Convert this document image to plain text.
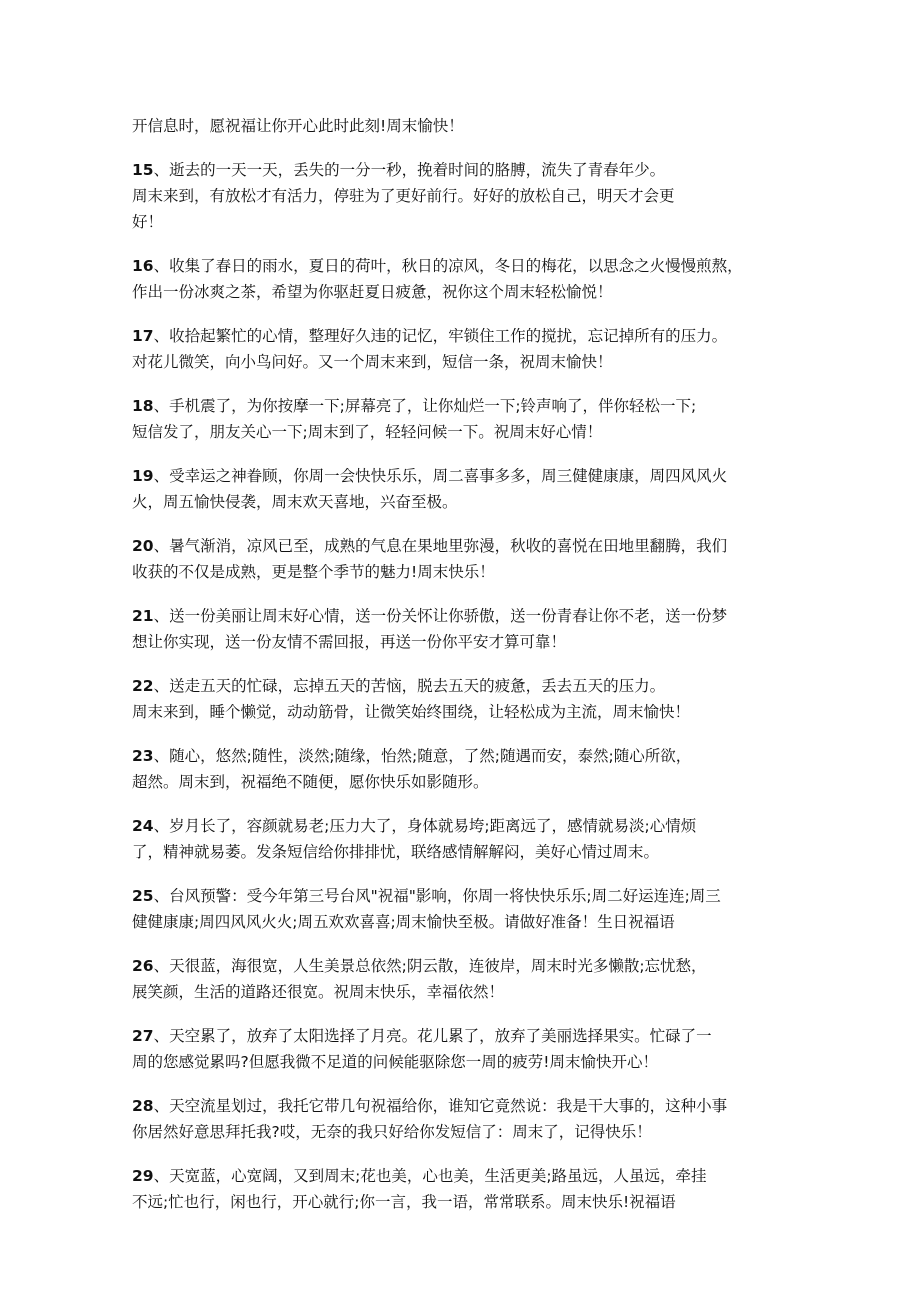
开信息时，愿祝福让你开心此时此刻!周末愉快！

15、逝去的一天一天，丢失的一分一秒，挽着时间的胳膊，流失了青春年少。
周末来到，有放松才有活力，停驻为了更好前行。好好的放松自己，明天才会更
好！

16、收集了春日的雨水，夏日的荷叶，秋日的凉风，冬日的梅花，以思念之火慢慢煎熬，
作出一份冰爽之茶，希望为你驱赶夏日疲惫，祝你这个周末轻松愉悦！

17、收拾起繁忙的心情，整理好久违的记忆，牢锁住工作的搅扰，忘记掉所有的压力。
对花儿微笑，向小鸟问好。又一个周末来到，短信一条，祝周末愉快！

18、手机震了，为你按摩一下;屏幕亮了，让你灿烂一下;铃声响了，伴你轻松一下;
短信发了，朋友关心一下;周末到了，轻轻问候一下。祝周末好心情！

19、受幸运之神眷顾，你周一会快快乐乐，周二喜事多多，周三健健康康，周四风风火
火，周五愉快侵袭，周末欢天喜地，兴奋至极。

20、暑气渐消，凉风已至，成熟的气息在果地里弥漫，秋收的喜悦在田地里翻腾，我们
收获的不仅是成熟，更是整个季节的魅力!周末快乐！

21、送一份美丽让周末好心情，送一份关怀让你骄傲，送一份青春让你不老，送一份梦
想让你实现，送一份友情不需回报，再送一份你平安才算可靠！

22、送走五天的忙碌，忘掉五天的苦恼，脱去五天的疲惫，丢去五天的压力。
周末来到，睡个懒觉，动动筋骨，让微笑始终围绕，让轻松成为主流，周末愉快！

23、随心，悠然;随性，淡然;随缘，怡然;随意，了然;随遇而安，泰然;随心所欲，
超然。周末到，祝福绝不随便，愿你快乐如影随形。

24、岁月长了，容颜就易老;压力大了，身体就易垮;距离远了，感情就易淡;心情烦
了，精神就易萎。发条短信给你排排忧，联络感情解解闷，美好心情过周末。

25、台风预警：受今年第三号台风"祝福"影响，你周一将快快乐乐;周二好运连连;周三
健健康康;周四风风火火;周五欢欢喜喜;周末愉快至极。请做好准备！生日祝福语

26、天很蓝，海很宽，人生美景总依然;阴云散，连彼岸，周末时光多懒散;忘忧愁，
展笑颜，生活的道路还很宽。祝周末快乐，幸福依然！

27、天空累了，放弃了太阳选择了月亮。花儿累了，放弃了美丽选择果实。忙碌了一
周的您感觉累吗?但愿我微不足道的问候能驱除您一周的疲劳!周末愉快开心！

28、天空流星划过，我托它带几句祝福给你，谁知它竟然说：我是干大事的，这种小事
你居然好意思拜托我?哎，无奈的我只好给你发短信了：周末了，记得快乐！

29、天宽蓝，心宽阔，又到周末;花也美，心也美，生活更美;路虽远，人虽远，牵挂
不远;忙也行，闲也行，开心就行;你一言，我一语，常常联系。周末快乐!祝福语
